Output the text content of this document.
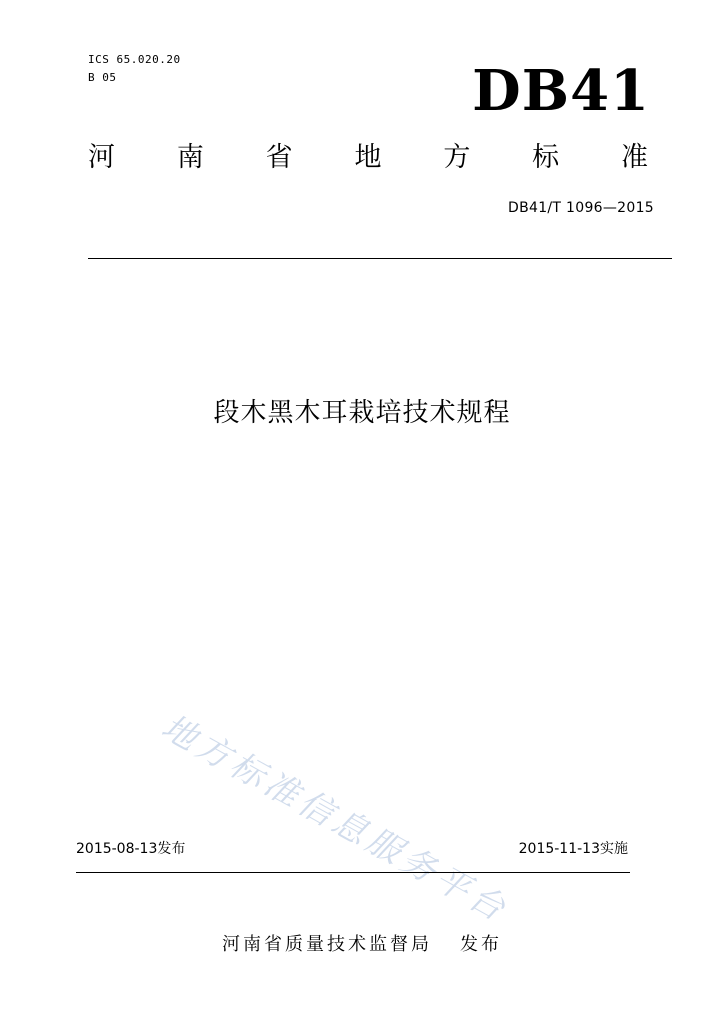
ICS 65.020.20
B 05	DB41
河 南 省 地 方 标 准
DB41/T 1096—2015
段木黑木耳栽培技术规程
地方标准信息服务平台
2015-08-13发布	2015-11-13实施
河南省质量技术监督局 发布
